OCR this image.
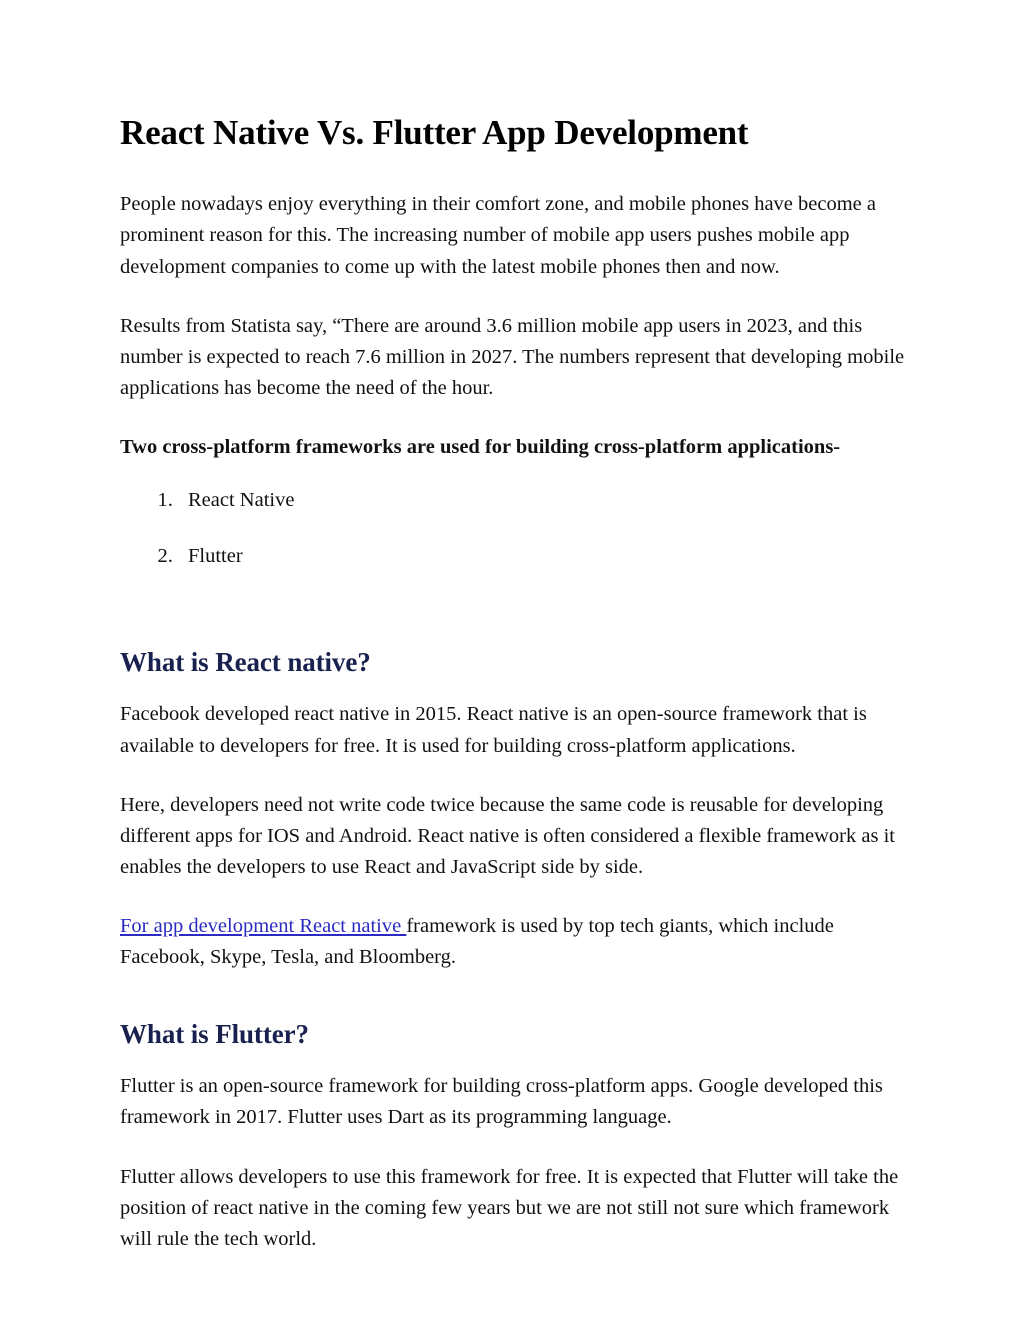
React Native Vs. Flutter App Development

People nowadays enjoy everything in their comfort zone, and mobile phones have become a prominent reason for this. The increasing number of mobile app users pushes mobile app development companies to come up with the latest mobile phones then and now.

Results from Statista say, “There are around 3.6 million mobile app users in 2023, and this number is expected to reach 7.6 million in 2027. The numbers represent that developing mobile applications has become the need of the hour.

Two cross-platform frameworks are used for building cross-platform applications-

1. React Native
2. Flutter
What is React native?

Facebook developed react native in 2015. React native is an open-source framework that is available to developers for free. It is used for building cross-platform applications.

Here, developers need not write code twice because the same code is reusable for developing different apps for IOS and Android. React native is often considered a flexible framework as it enables the developers to use React and JavaScript side by side.

For app development React native framework is used by top tech giants, which include Facebook, Skype, Tesla, and Bloomberg.

What is Flutter?

Flutter is an open-source framework for building cross-platform apps. Google developed this framework in 2017. Flutter uses Dart as its programming language.

Flutter allows developers to use this framework for free. It is expected that Flutter will take the position of react native in the coming few years but we are not still not sure which framework will rule the tech world.
